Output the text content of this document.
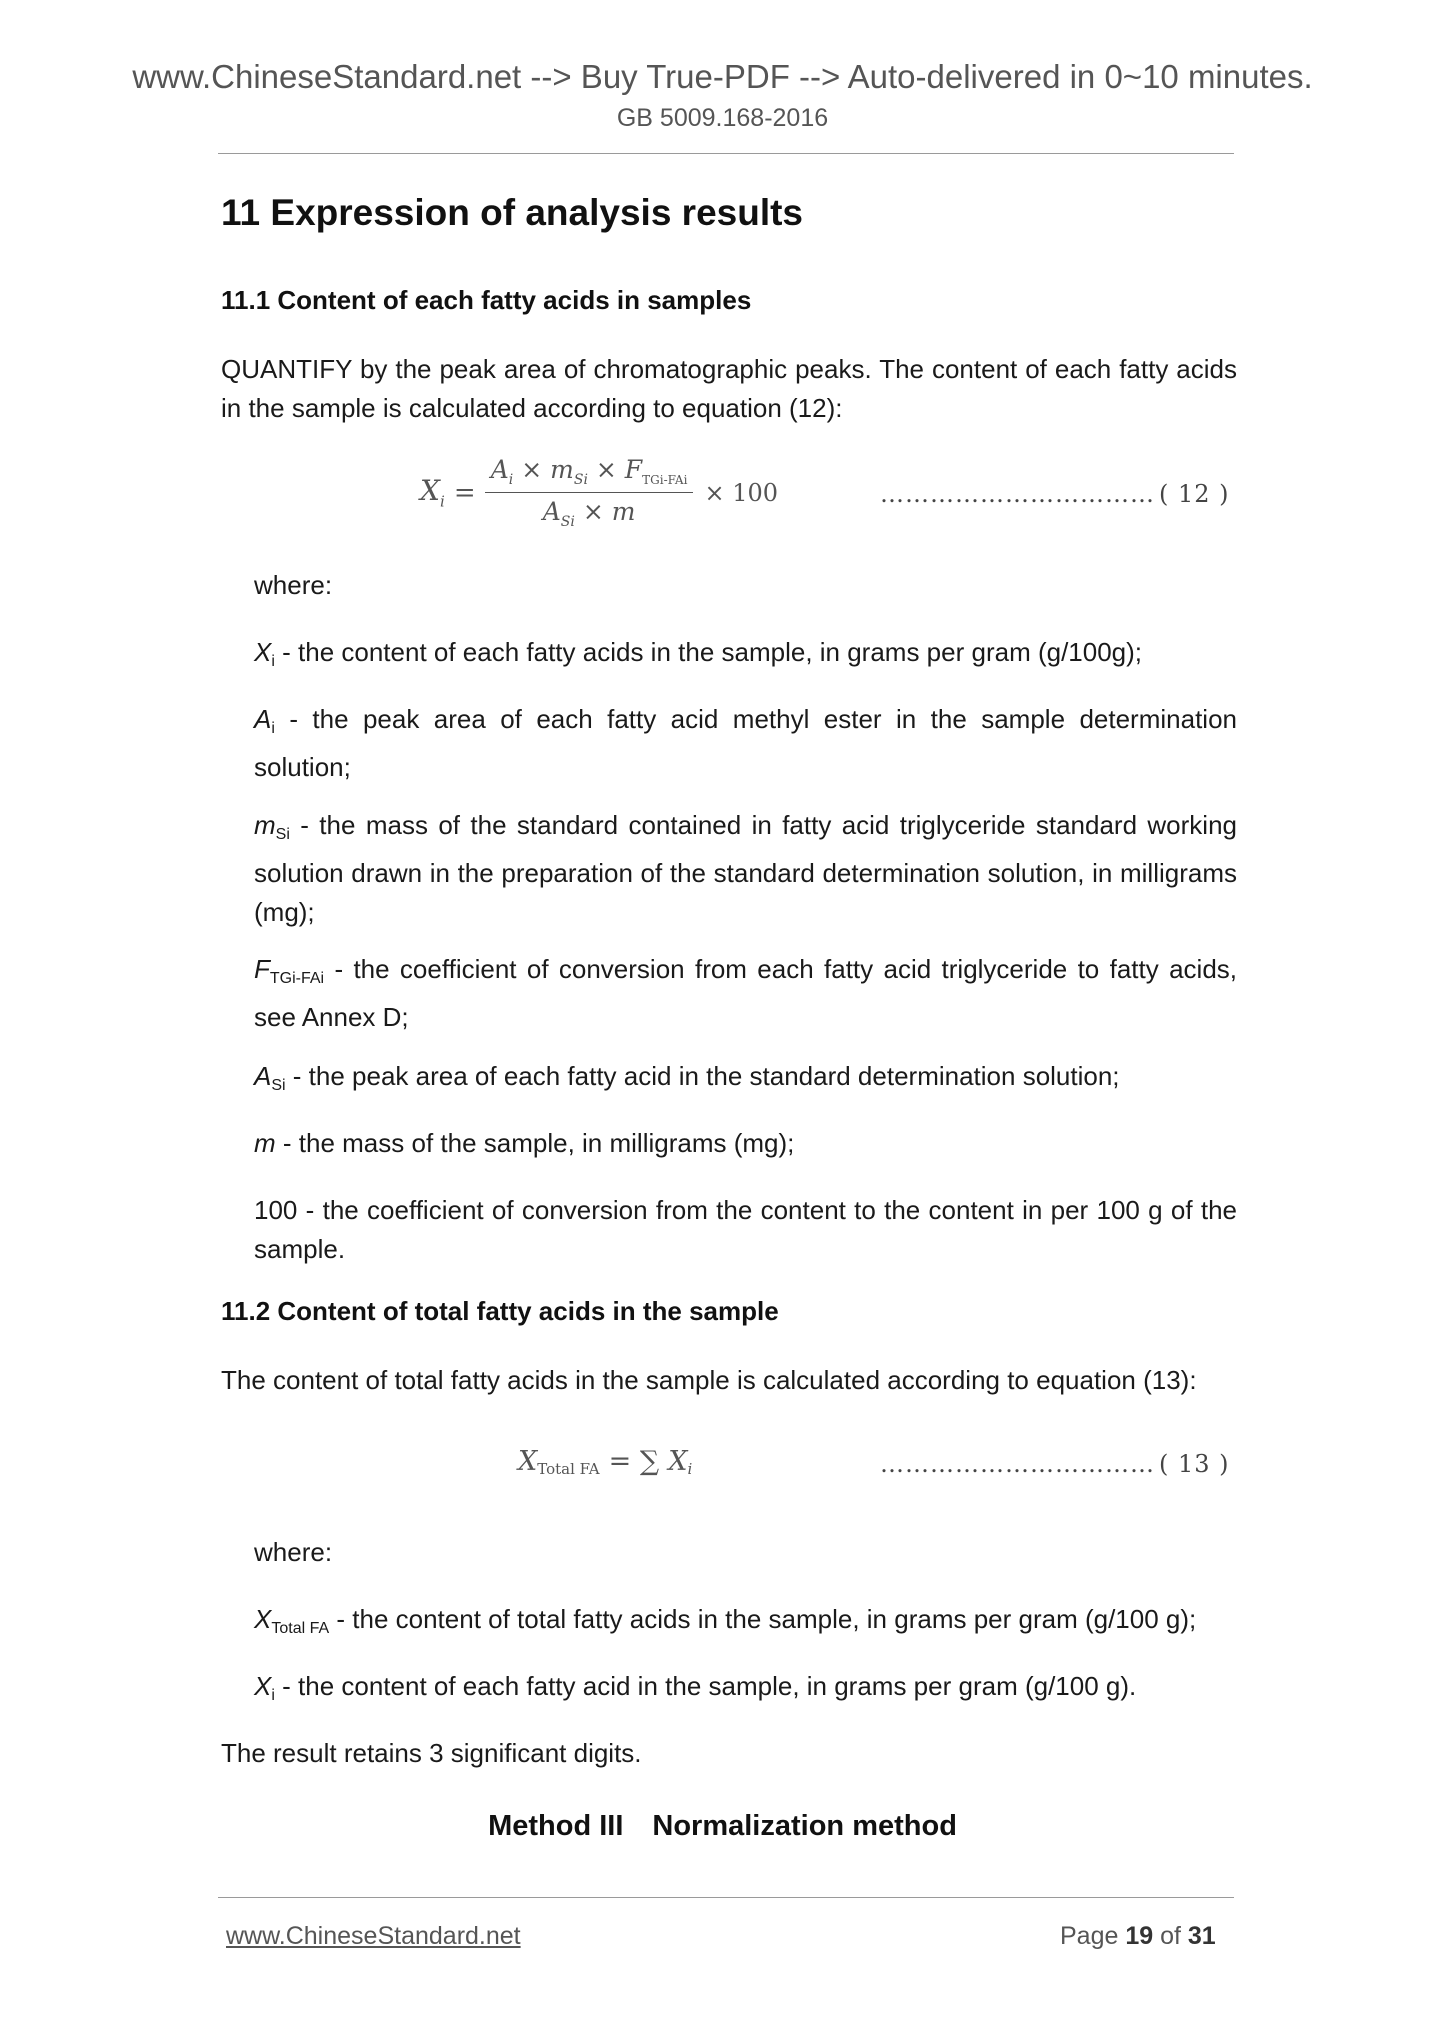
www.ChineseStandard.net --> Buy True-PDF --> Auto-delivered in 0~10 minutes.
GB 5009.168-2016
11 Expression of analysis results
11.1 Content of each fatty acids in samples
QUANTIFY by the peak area of chromatographic peaks. The content of each fatty acids in the sample is calculated according to equation (12):
$X_i = \frac{A_i \times m_{Si} \times F_{TGi-FAi}}{A_{Si} \times m} \times 100$	…………………………… ( 12 )
where:
$X_i$ - the content of each fatty acids in the sample, in grams per gram (g/100g);
$A_i$ - the peak area of each fatty acid methyl ester in the sample determination solution;
$m_{Si}$ - the mass of the standard contained in fatty acid triglyceride standard working solution drawn in the preparation of the standard determination solution, in milligrams (mg);
$F_{TGi-FAi}$ - the coefficient of conversion from each fatty acid triglyceride to fatty acids, see Annex D;
$A_{Si}$ - the peak area of each fatty acid in the standard determination solution;
m - the mass of the sample, in milligrams (mg);
100 - the coefficient of conversion from the content to the content in per 100 g of the sample.
11.2 Content of total fatty acids in the sample
The content of total fatty acids in the sample is calculated according to equation (13):
$X_{Total FA}$ = ∑ $X_i$	…………………………… ( 13 )
where:
$X_{Total FA}$ - the content of total fatty acids in the sample, in grams per gram (g/100 g);
$X_i$ - the content of each fatty acid in the sample, in grams per gram (g/100 g).
The result retains 3 significant digits.
Method III Normalization method
www.ChineseStandard.net	Page 19 of 31
